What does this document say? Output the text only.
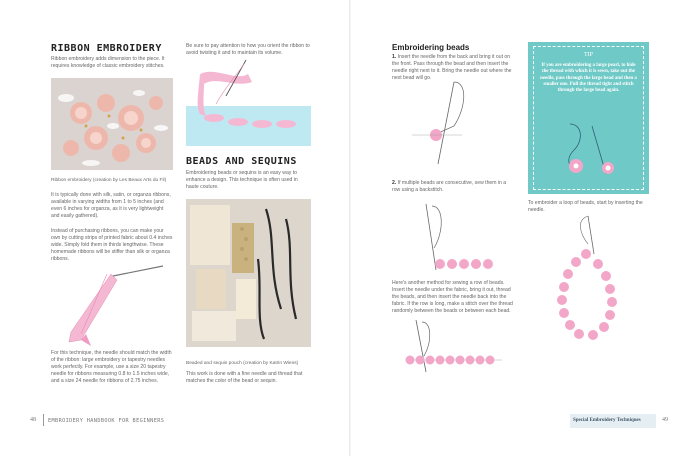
RIBBON EMBROIDERY
Ribbon embroidery adds dimension to the piece. It requires knowledge of classic embroidery stitches.
Ribbon embroidery (creation by Les Beaux Arts du Fil)
It is typically done with silk, satin, or organza ribbons, available in varying widths from 1 to 5 inches (and even 6 inches for organza, as it is very lightweight and easily gathered).
Instead of purchasing ribbons, you can make your own by cutting strips of printed fabric about 0.4 inches wide. Simply fold them in thirds lengthwise. These homemade ribbons will be stiffer than silk or organza ribbons.
For this technique, the needle should match the width of the ribbon: large embroidery or tapestry needles work perfectly. For example, use a size 20 tapestry needle for ribbons measuring 0.8 to 1.5 inches wide, and a size 24 needle for ribbons of 2.75 inches.
Be sure to pay attention to how you orient the ribbon to avoid twisting it and to maintain its volume.
BEADS AND SEQUINS
Embroidering beads or sequins is an easy way to enhance a design. This technique is often used in haute couture.
Beaded and sequin pouch (creation by Katrin Wiens)
This work is done with a fine needle and thread that matches the color of the bead or sequin.
Embroidering beads
1. Insert the needle from the back and bring it out on the front. Pass through the bead and then insert the needle right next to it. Bring the needle out where the next bead will go.
2. If multiple beads are consecutive, sew them in a row using a backstitch.
Here's another method for sewing a row of beads. Insert the needle under the fabric, bring it out, thread the beads, and then insert the needle back into the fabric. If the row is long, make a stitch over the thread randomly between the beads or between each bead.
TIP
If you are embroidering a large pearl, to hide the thread with which it is sewn, take out the needle, pass through the large bead and then a smaller one. Pull the thread tight and stitch through the large bead again.
To embroider a loop of beads, start by inserting the needle.
48 EMBROIDERY HANDBOOK FOR BEGINNERS	Special Embroidery Techniques	49
